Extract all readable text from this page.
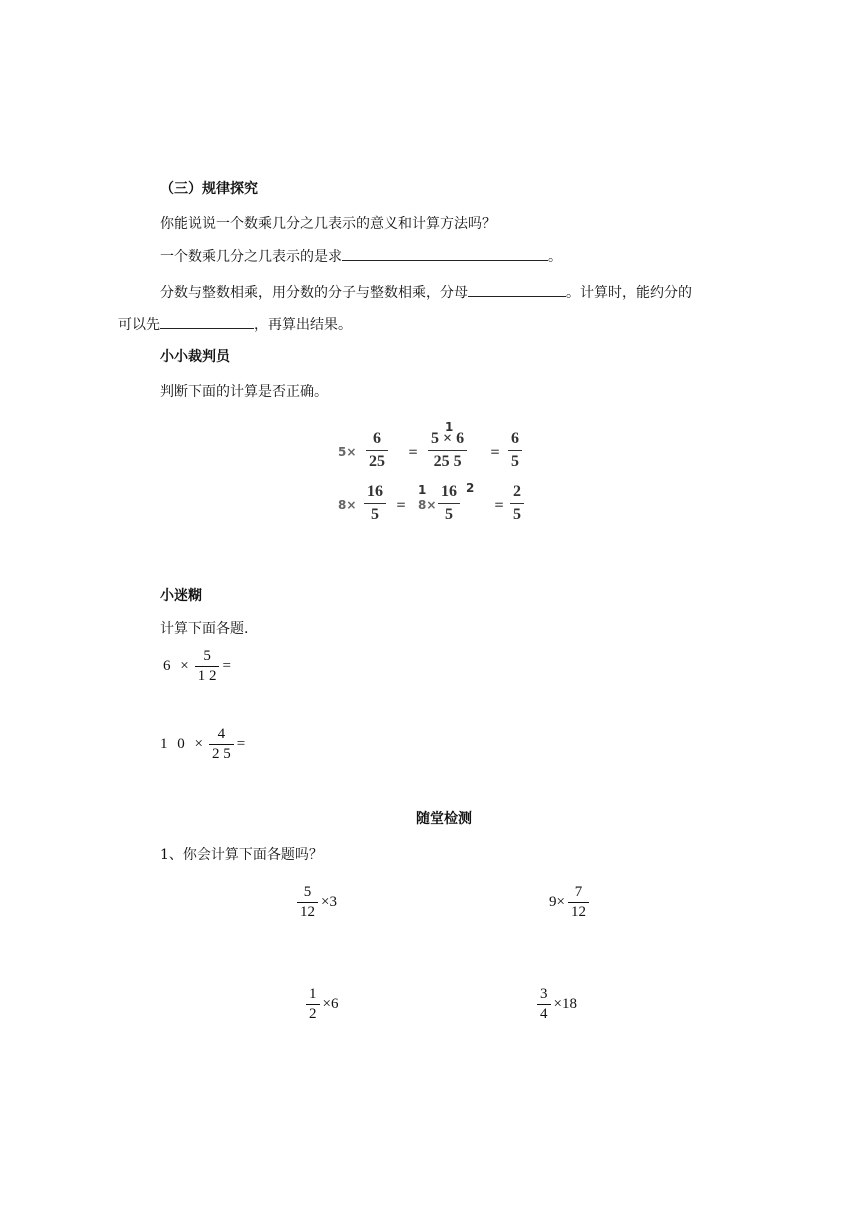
（三）规律探究
你能说说一个数乘几分之几表示的意义和计算方法吗？
一个数乘几分之几表示的是求	。
分数与整数相乘，用分数的分子与整数相乘，分母	。计算时，能约分的
可以先	，再算出结果。
小小裁判员
判断下面的计算是否正确。
$5\times \frac{6}{25}$ =
1
$\frac{5 \times 6}{25 5} = \frac{6}{5}$
$8\times \frac{16}{5}$ =
1
$8\times \frac{16}{5} 2$
= $\frac{2}{5}$
小迷糊
计算下面各题.
$6 \times \frac{5}{1 2}$ =
1 $0 \times \frac{4}{2 5}$ =
随堂检测
1、你会计算下面各题吗？
$\frac{5}{12} \times 3$	$9\times \frac{7}{12}$
$\frac{1}{2} \times 6$	$\frac{3}{4} \times 18$
